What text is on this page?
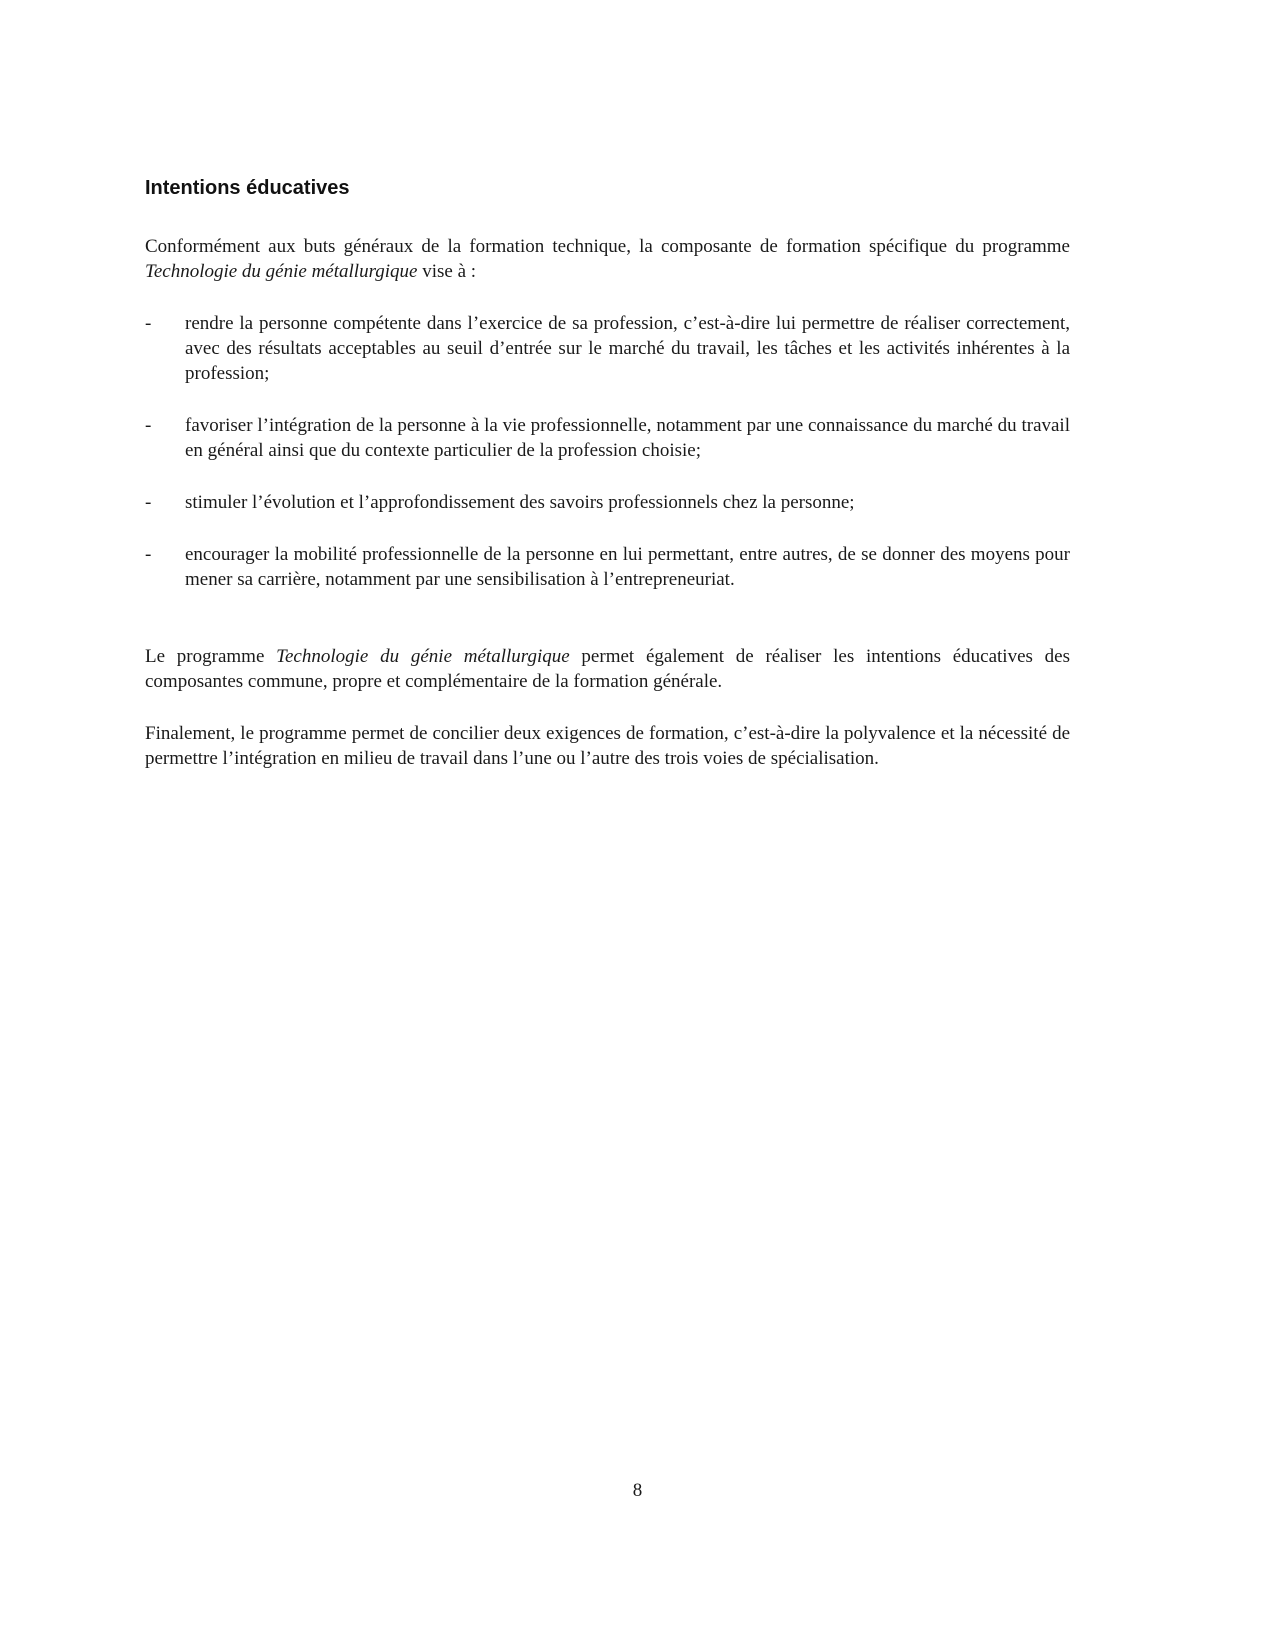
Intentions éducatives

Conformément aux buts généraux de la formation technique, la composante de formation spécifique du programme Technologie du génie métallurgique vise à :

-	rendre la personne compétente dans l’exercice de sa profession, c’est-à-dire lui permettre de réaliser correctement, avec des résultats acceptables au seuil d’entrée sur le marché du travail, les tâches et les activités inhérentes à la profession;

-	favoriser l’intégration de la personne à la vie professionnelle, notamment par une connaissance du marché du travail en général ainsi que du contexte particulier de la profession choisie;

-	stimuler l’évolution et l’approfondissement des savoirs professionnels chez la personne;

-	encourager la mobilité professionnelle de la personne en lui permettant, entre autres, de se donner des moyens pour mener sa carrière, notamment par une sensibilisation à l’entrepreneuriat.

Le programme Technologie du génie métallurgique permet également de réaliser les intentions éducatives des composantes commune, propre et complémentaire de la formation générale.

Finalement, le programme permet de concilier deux exigences de formation, c’est-à-dire la polyvalence et la nécessité de permettre l’intégration en milieu de travail dans l’une ou l’autre des trois voies de spécialisation.

8
